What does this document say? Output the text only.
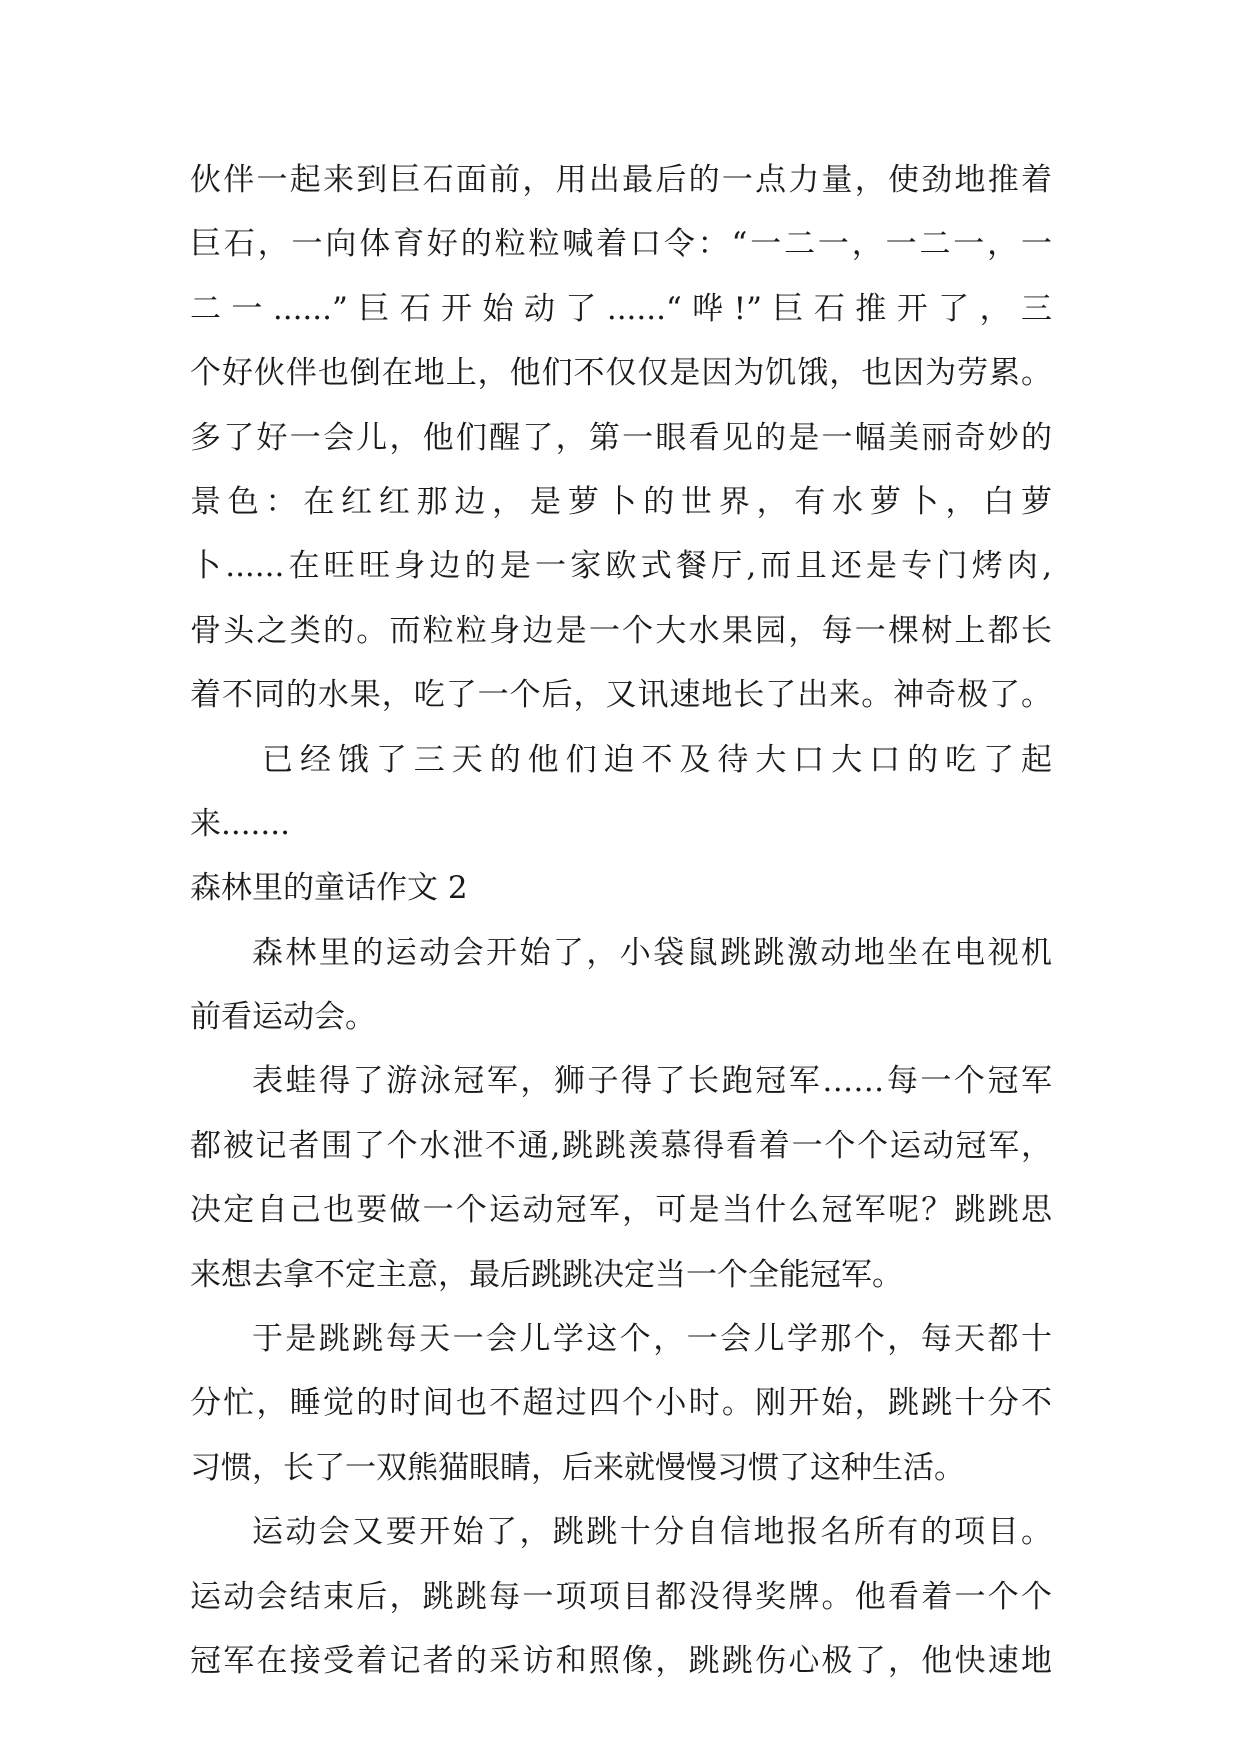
伙伴一起来到巨石面前，用出最后的一点力量，使劲地推着
巨石，一向体育好的粒粒喊着口令：“一二一，一二一，一
二一......”巨石开始动了......“哗!”巨石推开了，三
个好伙伴也倒在地上，他们不仅仅是因为饥饿，也因为劳累。
多了好一会儿，他们醒了，第一眼看见的是一幅美丽奇妙的
景色：在红红那边，是萝卜的世界，有水萝卜，白萝
卜......在旺旺身边的是一家欧式餐厅,而且还是专门烤肉,
骨头之类的。而粒粒身边是一个大水果园，每一棵树上都长
着不同的水果，吃了一个后，又讯速地长了出来。神奇极了。
已经饿了三天的他们迫不及待大口大口的吃了起
来.......
森林里的童话作文 2
森林里的运动会开始了，小袋鼠跳跳激动地坐在电视机
前看运动会。
表蛙得了游泳冠军，狮子得了长跑冠军……每一个冠军
都被记者围了个水泄不通,跳跳羡慕得看着一个个运动冠军，
决定自己也要做一个运动冠军，可是当什么冠军呢？跳跳思
来想去拿不定主意，最后跳跳决定当一个全能冠军。
于是跳跳每天一会儿学这个，一会儿学那个，每天都十
分忙，睡觉的时间也不超过四个小时。刚开始，跳跳十分不
习惯，长了一双熊猫眼睛，后来就慢慢习惯了这种生活。
运动会又要开始了，跳跳十分自信地报名所有的项目。
运动会结束后，跳跳每一项项目都没得奖牌。他看着一个个
冠军在接受着记者的采访和照像，跳跳伤心极了，他快速地
